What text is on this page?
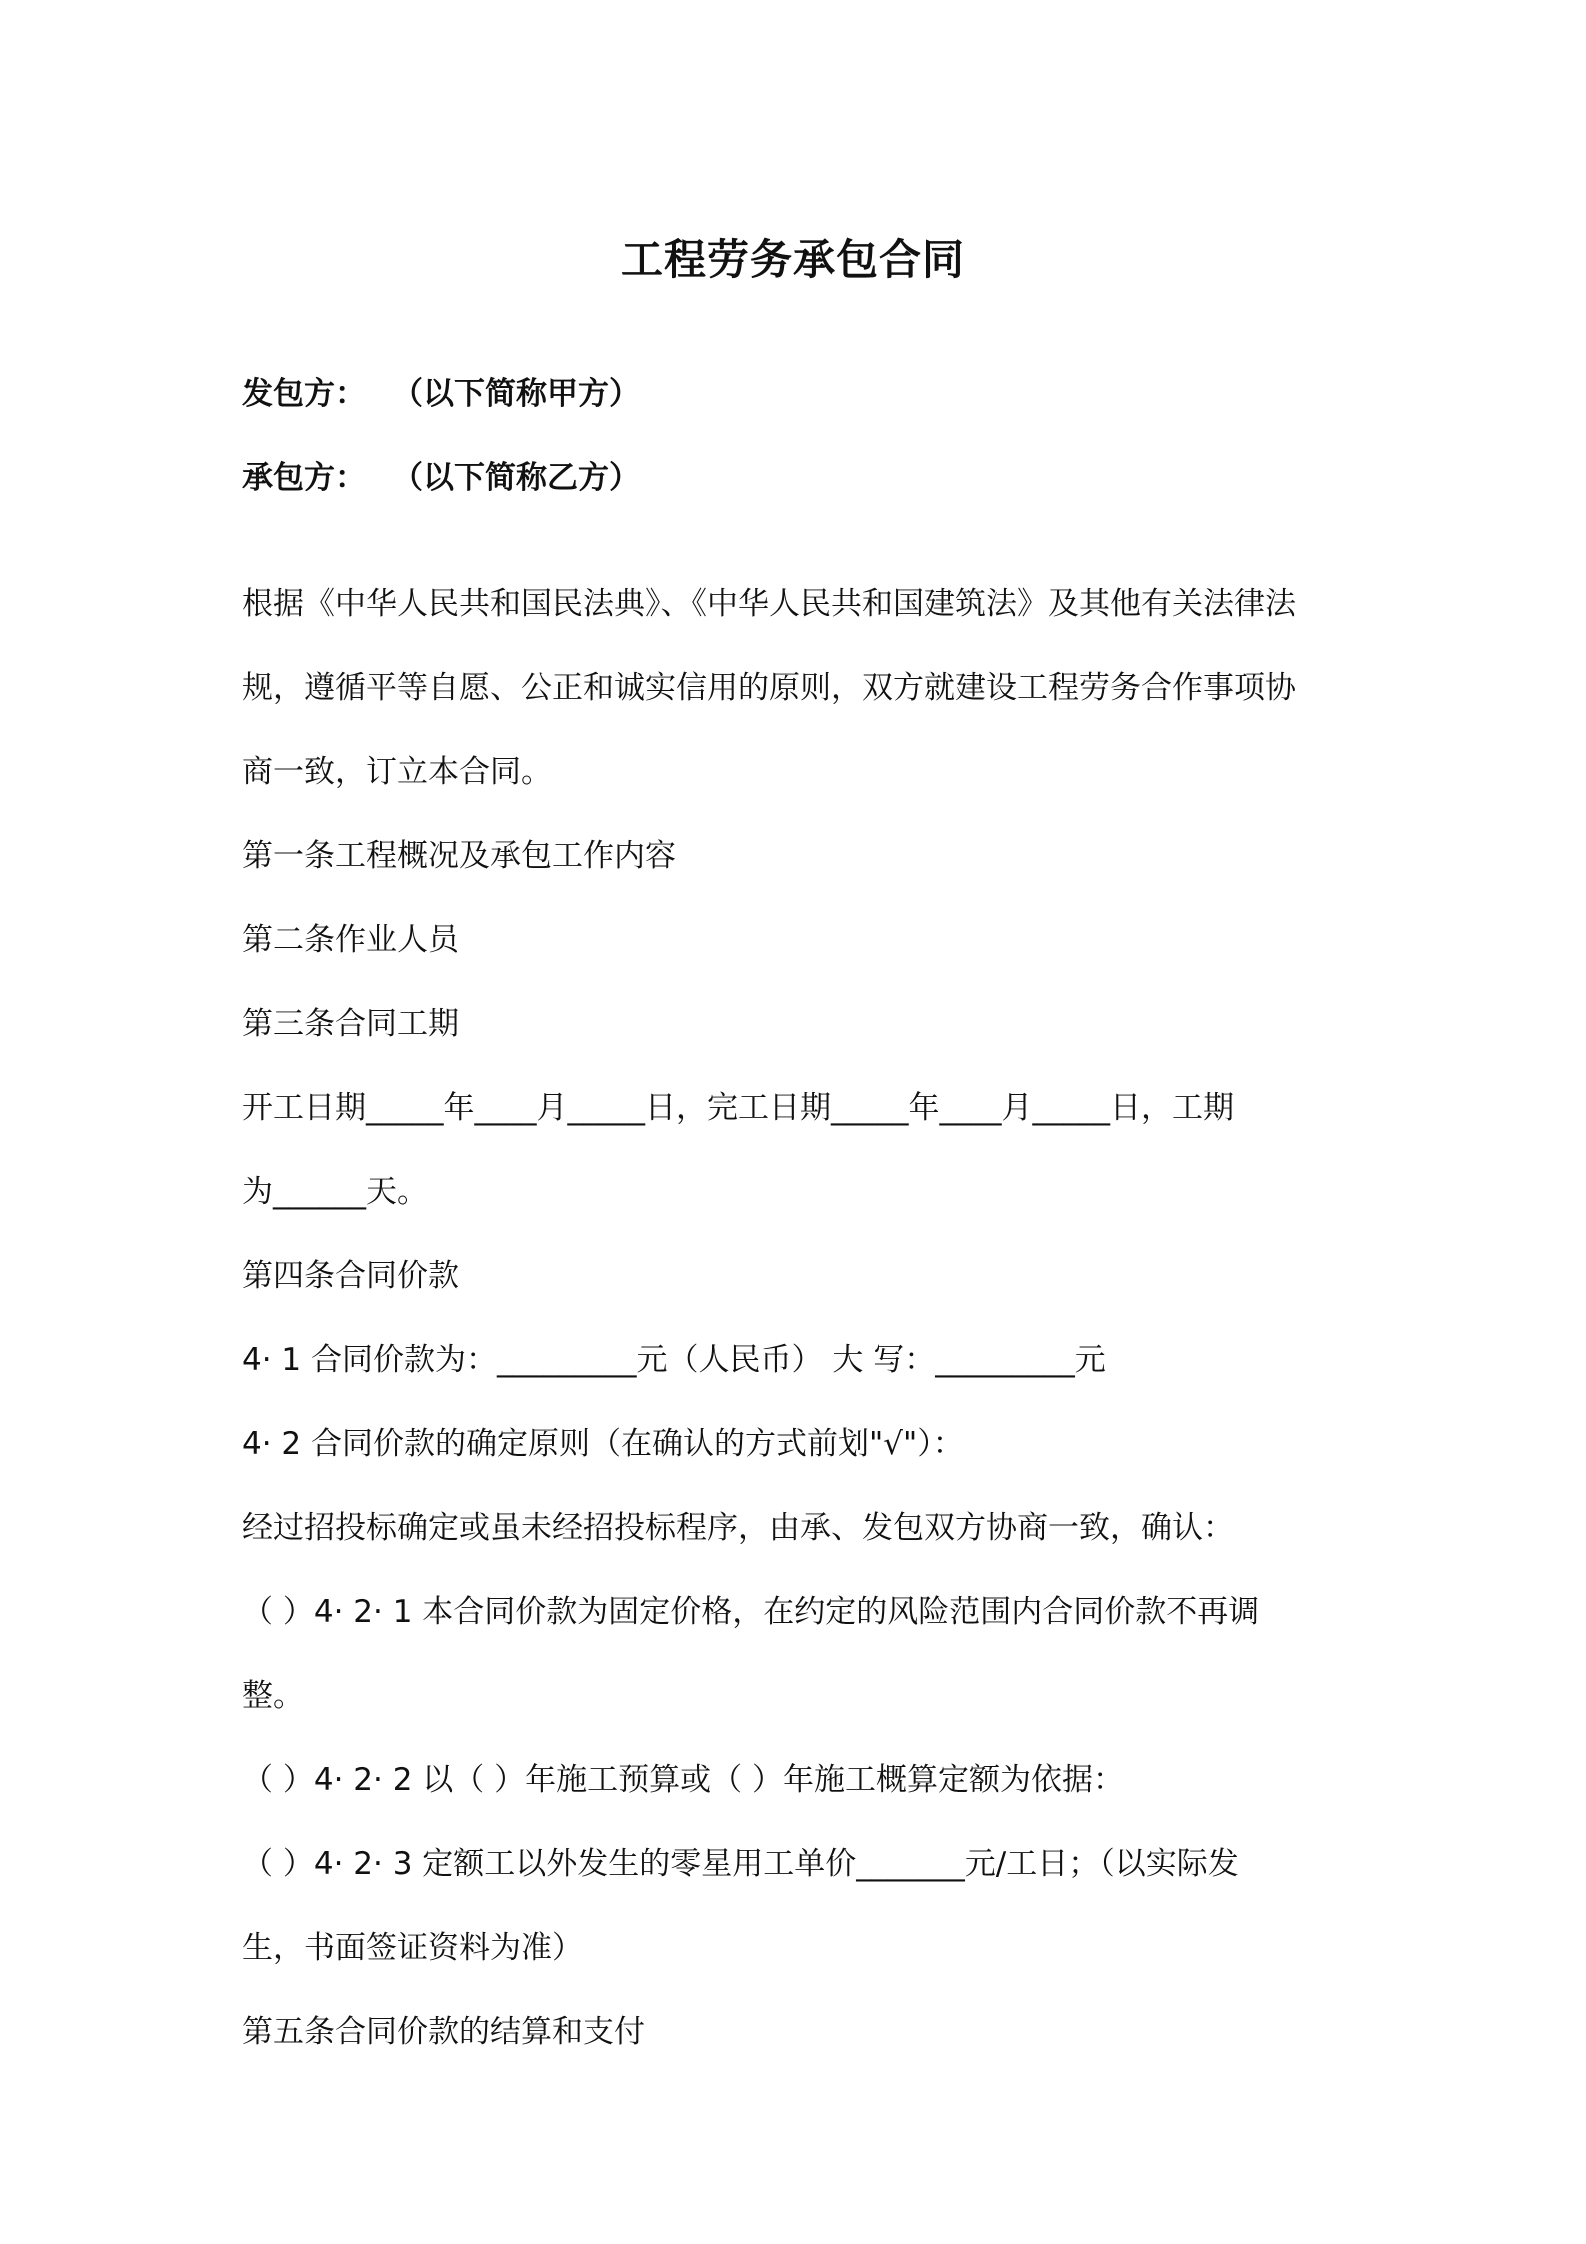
工程劳务承包合同
发包方： （以下简称甲方）
承包方： （以下简称乙方）
根据《中华人民共和国民法典》、《中华人民共和国建筑法》及其他有关法律法
规，遵循平等自愿、公正和诚实信用的原则，双方就建设工程劳务合作事项协
商一致，订立本合同。
第一条工程概况及承包工作内容
第二条作业人员
第三条合同工期
开工日期_____年____月_____日，完工日期_____年____月_____日，工期
为______天。
第四条合同价款
4· 1 合同价款为：_________元（人民币） 大 写：_________元
4· 2 合同价款的确定原则（在确认的方式前划"√"）：
经过招投标确定或虽未经招投标程序，由承、发包双方协商一致，确认：
（ ）4· 2· 1 本合同价款为固定价格，在约定的风险范围内合同价款不再调
整。
（ ）4· 2· 2 以（ ）年施工预算或（ ）年施工概算定额为依据：
（ ）4· 2· 3 定额工以外发生的零星用工单价_______元/工日；（以实际发
生，书面签证资料为准）
第五条合同价款的结算和支付
